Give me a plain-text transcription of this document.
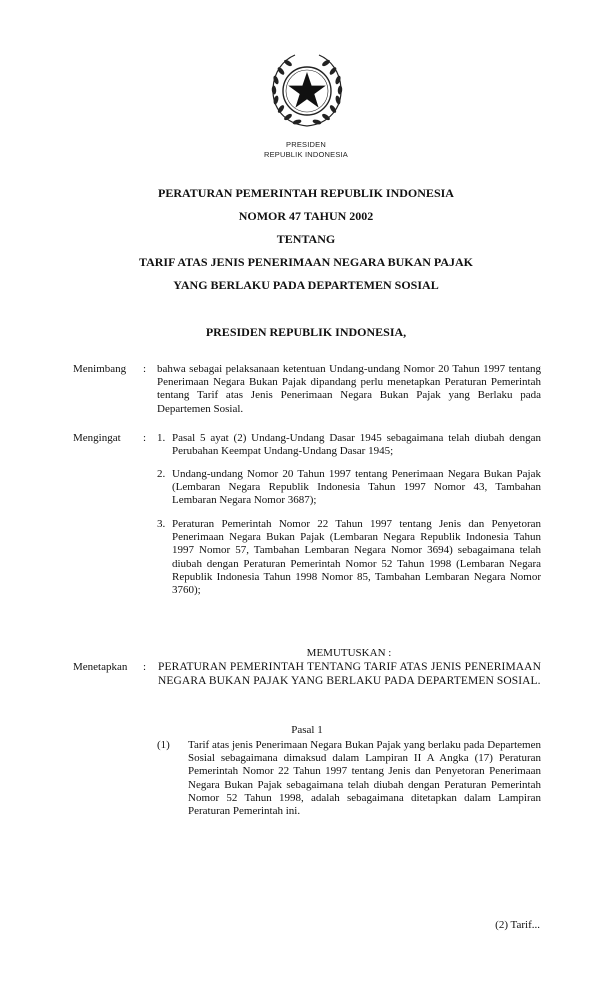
PRESIDEN
REPUBLIK INDONESIA
PERATURAN PEMERINTAH REPUBLIK INDONESIA
NOMOR 47 TAHUN 2002
TENTANG
TARIF ATAS JENIS PENERIMAAN NEGARA BUKAN PAJAK
YANG BERLAKU PADA DEPARTEMEN SOSIAL
PRESIDEN REPUBLIK INDONESIA,
Menimbang : bahwa sebagai pelaksanaan ketentuan Undang-undang Nomor 20 Tahun 1997 tentang Penerimaan Negara Bukan Pajak dipandang perlu menetapkan Peraturan Pemerintah tentang Tarif atas Jenis Penerimaan Negara Bukan Pajak yang Berlaku pada Departemen Sosial.
Mengingat : 1. Pasal 5 ayat (2) Undang-Undang Dasar 1945 sebagaimana telah diubah dengan Perubahan Keempat Undang-Undang Dasar 1945;
2. Undang-undang Nomor 20 Tahun 1997 tentang Penerimaan Negara Bukan Pajak (Lembaran Negara Republik Indonesia Tahun 1997 Nomor 43, Tambahan Lembaran Negara Nomor 3687);
3. Peraturan Pemerintah Nomor 22 Tahun 1997 tentang Jenis dan Penyetoran Penerimaan Negara Bukan Pajak (Lembaran Negara Republik Indonesia Tahun 1997 Nomor 57, Tambahan Lembaran Negara Nomor 3694) sebagaimana telah diubah dengan Peraturan Pemerintah Nomor 52 Tahun 1998 (Lembaran Negara Republik Indonesia Tahun 1998 Nomor 85, Tambahan Lembaran Negara Nomor 3760);
MEMUTUSKAN :
Menetapkan : PERATURAN PEMERINTAH TENTANG TARIF ATAS JENIS PENERIMAAN NEGARA BUKAN PAJAK YANG BERLAKU PADA DEPARTEMEN SOSIAL.
Pasal 1
(1) Tarif atas jenis Penerimaan Negara Bukan Pajak yang berlaku pada Departemen Sosial sebagaimana dimaksud dalam Lampiran II A Angka (17) Peraturan Pemerintah Nomor 22 Tahun 1997 tentang Jenis dan Penyetoran Penerimaan Negara Bukan Pajak sebagaimana telah diubah dengan Peraturan Pemerintah Nomor 52 Tahun 1998, adalah sebagaimana ditetapkan dalam Lampiran Peraturan Pemerintah ini.
(2) Tarif...
